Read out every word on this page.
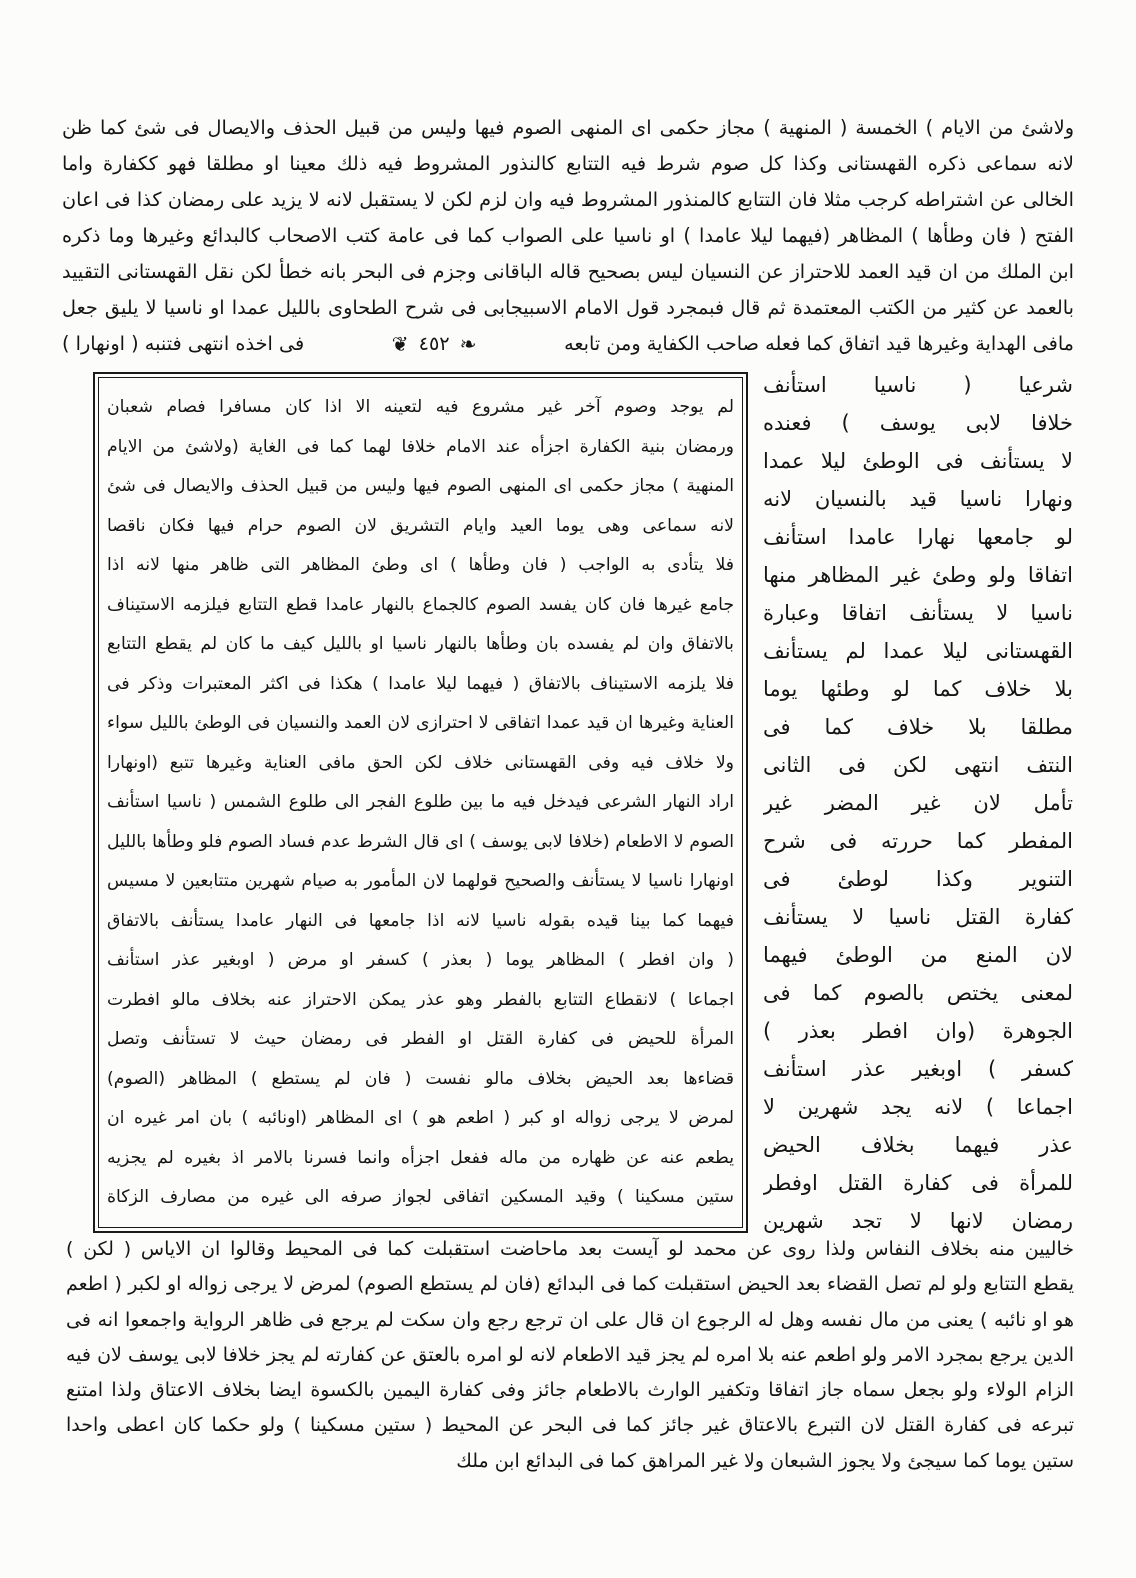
ولاشئ من الايام ) الخمسة ( المنهية ) مجاز حكمى اى المنهى الصوم فيها وليس من قبيل الحذف والايصال فى شئ كما ظن
لانه سماعى ذكره القهستانى وكذا كل صوم شرط فيه التتابع كالنذور المشروط فيه ذلك معينا او مطلقا فهو ككفارة واما
الخالى عن اشتراطه كرجب مثلا فان التتابع كالمنذور المشروط فيه وان لزم لكن لا يستقبل لانه لا يزيد على رمضان كذا فى اعان
الفتح ( فان وطأها ) المظاهر (فيهما ليلا عامدا ) او ناسيا على الصواب كما فى عامة كتب الاصحاب كالبدائع وغيرها وما ذكره
ابن الملك من ان قيد العمد للاحتراز عن النسيان ليس بصحيح قاله الباقانى وجزم فى البحر بانه خطأ لكن نقل القهستانى التقييد
بالعمد عن كثير من الكتب المعتمدة ثم قال فبمجرد قول الامام الاسبيجابى فى شرح الطحاوى بالليل عمدا او ناسيا لا يليق جعل
مافى الهداية وغيرها قيد اتفاق كما فعله صاحب الكفاية ومن تابعه
❧
٤٥٢
❦
فى اخذه انتهى فتنبه ( اونهارا )
لم يوجد وصوم آخر غير مشروع فيه لتعينه الا اذا كان مسافرا فصام شعبان
ورمضان بنية الكفارة اجزأه عند الامام خلافا لهما كما فى الغاية (ولاشئ من الايام
المنهية ) مجاز حكمى اى المنهى الصوم فيها وليس من قبيل الحذف والايصال فى شئ
لانه سماعى وهى يوما العيد وايام التشريق لان الصوم حرام فيها فكان ناقصا
فلا يتأدى به الواجب ( فان وطأها ) اى وطئ المظاهر التى ظاهر منها لانه اذا
جامع غيرها فان كان يفسد الصوم كالجماع بالنهار عامدا قطع التتابع فيلزمه الاستيناف
بالاتفاق وان لم يفسده بان وطأها بالنهار ناسيا او بالليل كيف ما كان لم يقطع التتابع
فلا يلزمه الاستيناف بالاتفاق ( فيهما ليلا عامدا ) هكذا فى اكثر المعتبرات وذكر فى
العناية وغيرها ان قيد عمدا اتفاقى لا احترازى لان العمد والنسيان فى الوطئ بالليل سواء
ولا خلاف فيه وفى القهستانى خلاف لكن الحق مافى العناية وغيرها تتبع (اونهارا
اراد النهار الشرعى فيدخل فيه ما بين طلوع الفجر الى طلوع الشمس ( ناسيا استأنف
الصوم لا الاطعام (خلافا لابى يوسف ) اى قال الشرط عدم فساد الصوم فلو وطأها بالليل
اونهارا ناسيا لا يستأنف والصحيح قولهما لان المأمور به صيام شهرين متتابعين لا مسيس
فيهما كما بينا قيده بقوله ناسيا لانه اذا جامعها فى النهار عامدا يستأنف بالاتفاق
( وان افطر ) المظاهر يوما ( بعذر ) كسفر او مرض ( اوبغير عذر استأنف
اجماعا ) لانقطاع التتابع بالفطر وهو عذر يمكن الاحتراز عنه بخلاف مالو افطرت
المرأة للحيض فى كفارة القتل او الفطر فى رمضان حيث لا تستأنف وتصل
قضاءها بعد الحيض بخلاف مالو نفست ( فان لم يستطع ) المظاهر (الصوم)
لمرض لا يرجى زواله او كبر ( اطعم هو ) اى المظاهر (اونائبه ) بان امر غيره ان
يطعم عنه عن ظهاره من ماله ففعل اجزأه وانما فسرنا بالامر اذ بغيره لم يجزيه
ستين مسكينا ) وقيد المسكين اتفاقى لجواز صرفه الى غيره من مصارف الزكاة
شرعيا ( ناسيا استأنف
خلافا لابى يوسف ) فعنده
لا يستأنف فى الوطئ ليلا عمدا
ونهارا ناسيا قيد بالنسيان لانه
لو جامعها نهارا عامدا استأنف
اتفاقا ولو وطئ غير المظاهر منها
ناسيا لا يستأنف اتفاقا وعبارة
القهستانى ليلا عمدا لم يستأنف
بلا خلاف كما لو وطئها يوما
مطلقا بلا خلاف كما فى
النتف انتهى لكن فى الثانى
تأمل لان غير المضر غير
المفطر كما حررته فى شرح
التنوير وكذا لوطئ فى
كفارة القتل ناسيا لا يستأنف
لان المنع من الوطئ فيهما
لمعنى يختص بالصوم كما فى
الجوهرة (وان افطر بعذر )
كسفر ) اوبغير عذر استأنف
اجماعا ) لانه يجد شهرين لا
عذر فيهما بخلاف الحيض
للمرأة فى كفارة القتل اوفطر
رمضان لانها لا تجد شهرين
خاليين منه بخلاف النفاس ولذا روى عن محمد لو آيست بعد ماحاضت استقبلت كما فى المحيط وقالوا ان الاياس ( لكن )
يقطع التتابع ولو لم تصل القضاء بعد الحيض استقبلت كما فى البدائع (فان لم يستطع الصوم) لمرض لا يرجى زواله او لكبر ( اطعم
هو او نائبه ) يعنى من مال نفسه وهل له الرجوع ان قال على ان ترجع رجع وان سكت لم يرجع فى ظاهر الرواية واجمعوا انه فى
الدين يرجع بمجرد الامر ولو اطعم عنه بلا امره لم يجز قيد الاطعام لانه لو امره بالعتق عن كفارته لم يجز خلافا لابى يوسف لان فيه
الزام الولاء ولو بجعل سماه جاز اتفاقا وتكفير الوارث بالاطعام جائز وفى كفارة اليمين بالكسوة ايضا بخلاف الاعتاق ولذا امتنع
تبرعه فى كفارة القتل لان التبرع بالاعتاق غير جائز كما فى البحر عن المحيط ( ستين مسكينا ) ولو حكما كان اعطى واحدا
ستين يوما كما سيجئ ولا يجوز الشبعان ولا غير المراهق كما فى البدائع ابن ملك
